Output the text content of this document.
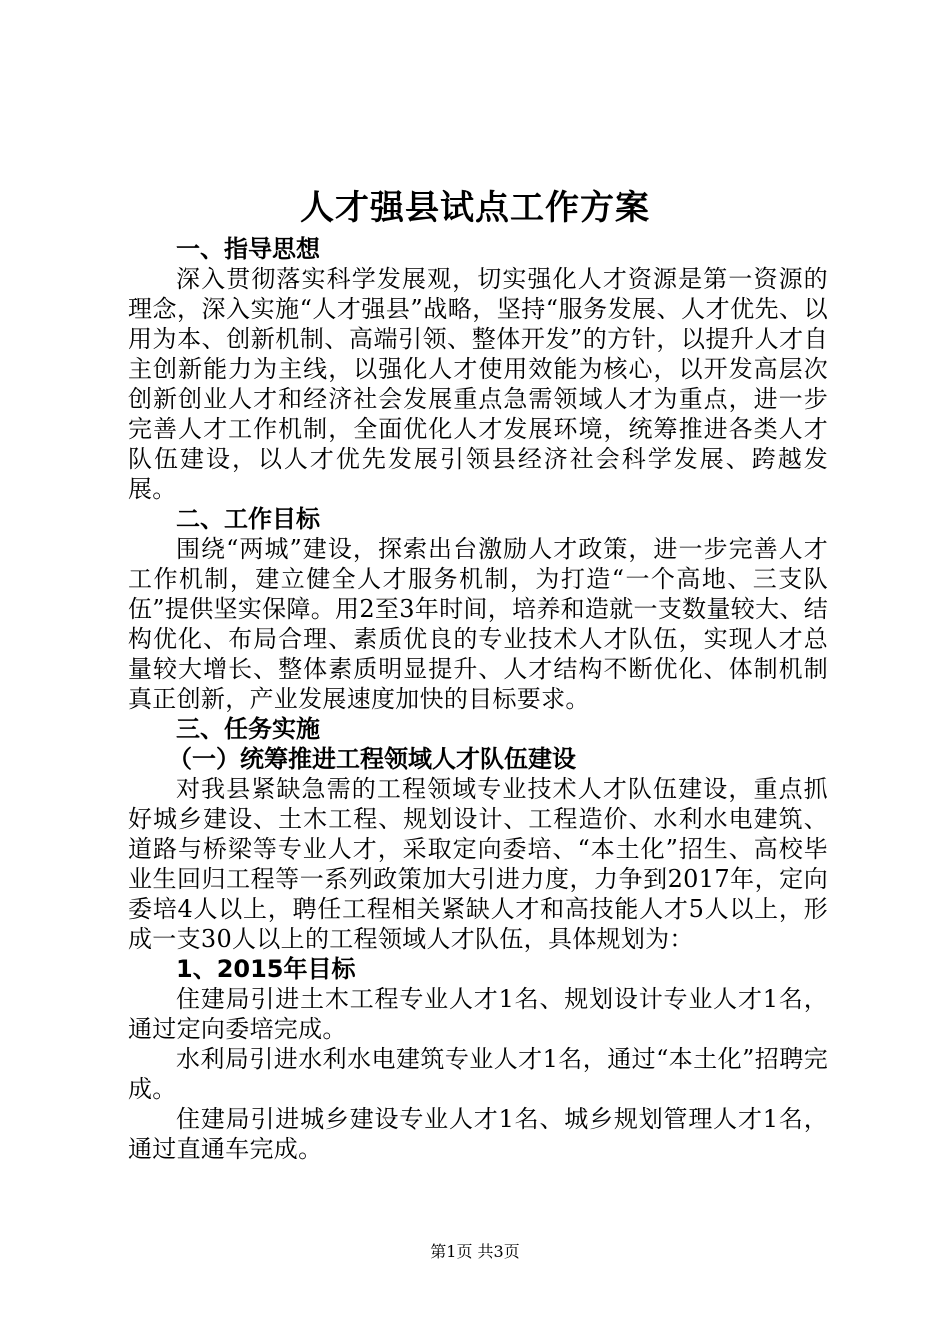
人才强县试点工作方案

一、指导思想

深入贯彻落实科学发展观，切实强化人才资源是第一资源的理念，深入实施“人才强县”战略，坚持“服务发展、人才优先、以用为本、创新机制、高端引领、整体开发”的方针，以提升人才自主创新能力为主线，以强化人才使用效能为核心，以开发高层次创新创业人才和经济社会发展重点急需领域人才为重点，进一步完善人才工作机制，全面优化人才发展环境，统筹推进各类人才队伍建设，以人才优先发展引领县经济社会科学发展、跨越发展。

二、工作目标

围绕“两城”建设，探索出台激励人才政策，进一步完善人才工作机制，建立健全人才服务机制，为打造“一个高地、三支队伍”提供坚实保障。用2至3年时间，培养和造就一支数量较大、结构优化、布局合理、素质优良的专业技术人才队伍，实现人才总量较大增长、整体素质明显提升、人才结构不断优化、体制机制真正创新，产业发展速度加快的目标要求。

三、任务实施

（一）统筹推进工程领域人才队伍建设

对我县紧缺急需的工程领域专业技术人才队伍建设，重点抓好城乡建设、土木工程、规划设计、工程造价、水利水电建筑、道路与桥梁等专业人才，采取定向委培、“本土化”招生、高校毕业生回归工程等一系列政策加大引进力度，力争到2017年，定向委培4人以上，聘任工程相关紧缺人才和高技能人才5人以上，形成一支30人以上的工程领域人才队伍，具体规划为：

1、2015年目标

住建局引进土木工程专业人才1名、规划设计专业人才1名，通过定向委培完成。

水利局引进水利水电建筑专业人才1名，通过“本土化”招聘完成。

住建局引进城乡建设专业人才1名、城乡规划管理人才1名，通过直通车完成。

第1页 共3页
